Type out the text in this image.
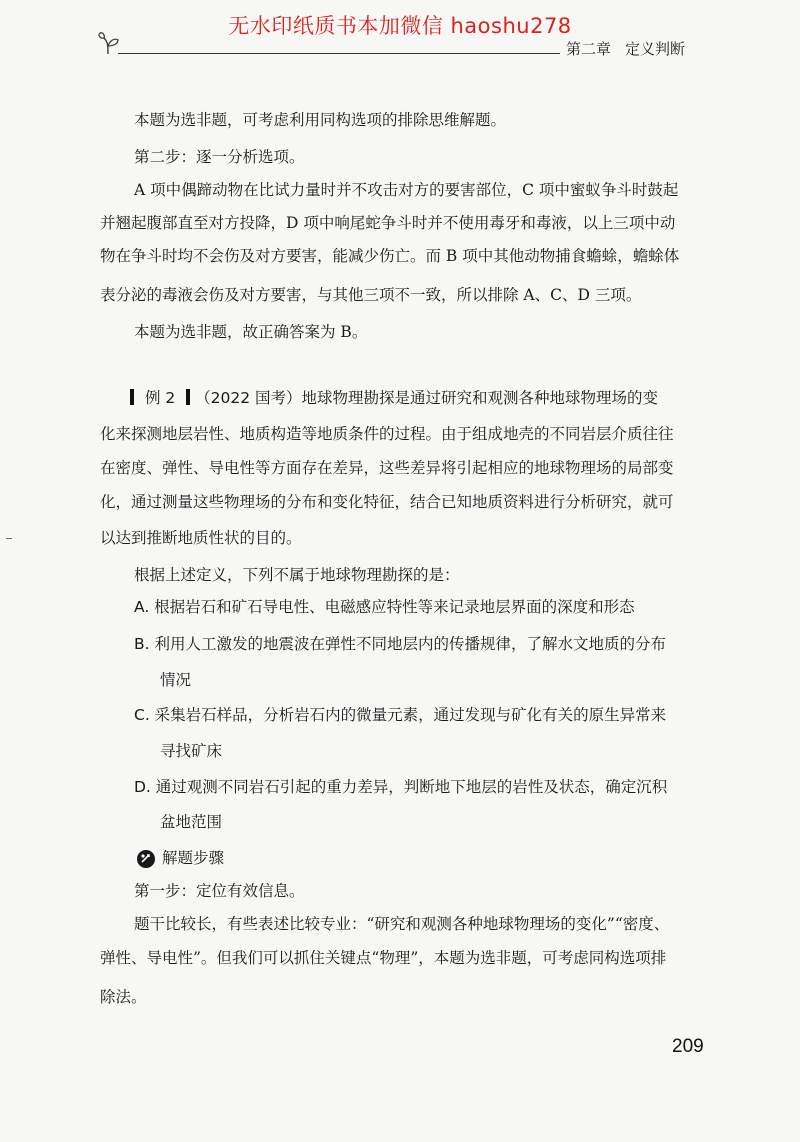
无水印纸质书本加微信 haoshu278
第二章 定义判断

本题为选非题，可考虑利用同构选项的排除思维解题。

第二步：逐一分析选项。

A 项中偶蹄动物在比试力量时并不攻击对方的要害部位，C 项中蜜蚁争斗时鼓起

并翘起腹部直至对方投降，D 项中响尾蛇争斗时并不使用毒牙和毒液，以上三项中动

物在争斗时均不会伤及对方要害，能减少伤亡。而 B 项中其他动物捕食蟾蜍，蟾蜍体

表分泌的毒液会伤及对方要害，与其他三项不一致，所以排除 A、C、D 三项。

本题为选非题，故正确答案为 B。

例 2 （2022 国考）地球物理勘探是通过研究和观测各种地球物理场的变

化来探测地层岩性、地质构造等地质条件的过程。由于组成地壳的不同岩层介质往往

在密度、弹性、导电性等方面存在差异，这些差异将引起相应的地球物理场的局部变

化，通过测量这些物理场的分布和变化特征，结合已知地质资料进行分析研究，就可

以达到推断地质性状的目的。

根据上述定义，下列不属于地球物理勘探的是：

A. 根据岩石和矿石导电性、电磁感应特性等来记录地层界面的深度和形态

B. 利用人工激发的地震波在弹性不同地层内的传播规律，了解水文地质的分布

情况

C. 采集岩石样品，分析岩石内的微量元素，通过发现与矿化有关的原生异常来

寻找矿床

D. 通过观测不同岩石引起的重力差异，判断地下地层的岩性及状态，确定沉积

盆地范围

解题步骤

第一步：定位有效信息。

题干比较长，有些表述比较专业：“研究和观测各种地球物理场的变化”“密度、

弹性、导电性”。但我们可以抓住关键点“物理”，本题为选非题，可考虑同构选项排

除法。

209
